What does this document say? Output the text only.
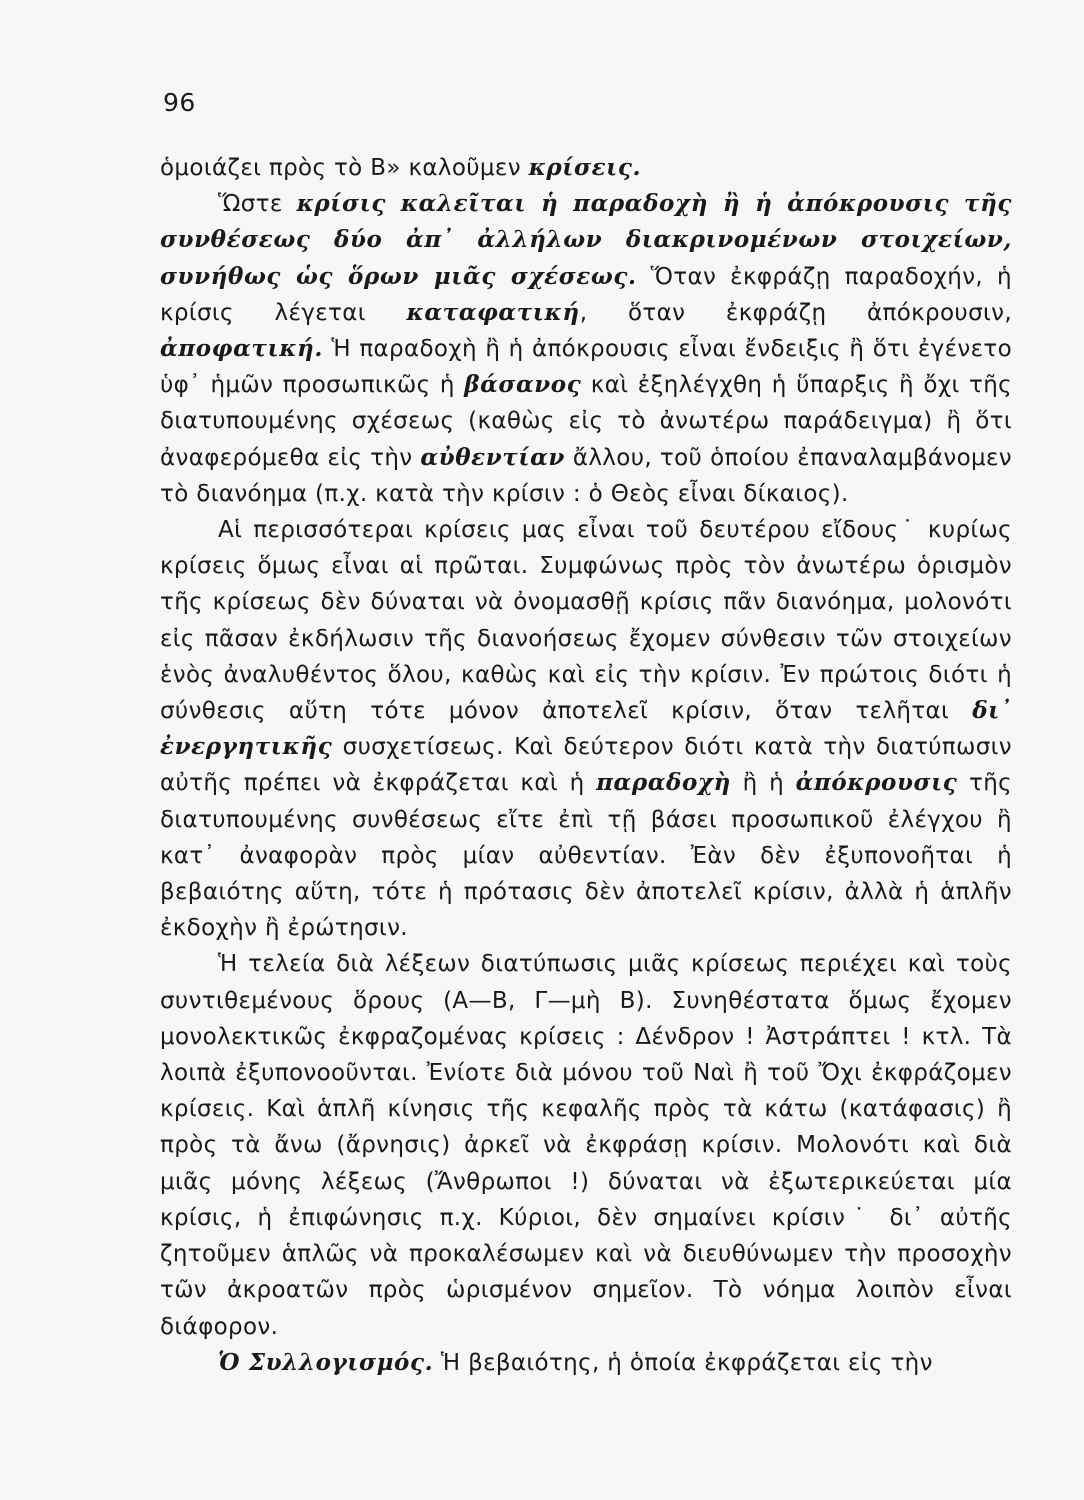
96

ὁμοιάζει πρὸς τὸ Β» καλοῦμεν κρίσεις.

Ὥστε κρίσις καλεῖται ἡ παραδοχὴ ἢ ἡ ἀπόκρουσις τῆς συνθέσεως δύο ἀπ᾽ ἀλλήλων διακρινομένων στοιχείων, συνήθως ὡς ὅρων μιᾶς σχέσεως. Ὅταν ἐκφράζῃ παραδοχήν, ἡ κρίσις λέγεται καταφατική, ὅταν ἐκφράζῃ ἀπόκρουσιν, ἀποφατική. Ἡ παραδοχὴ ἢ ἡ ἀπόκρουσις εἶναι ἔνδειξις ἢ ὅτι ἐγένετο ὑφ᾽ ἡμῶν προσωπικῶς ἡ βάσανος καὶ ἐξηλέγχθη ἡ ὕπαρξις ἢ ὄχι τῆς διατυπουμένης σχέσεως (καθὼς εἰς τὸ ἀνωτέρω παράδειγμα) ἢ ὅτι ἀναφερόμεθα εἰς τὴν αὐθεντίαν ἄλλου, τοῦ ὁποίου ἐπαναλαμβάνομεν τὸ διανόημα (π.χ. κατὰ τὴν κρίσιν : ὁ Θεὸς εἶναι δίκαιος).

Αἱ περισσότεραι κρίσεις μας εἶναι τοῦ δευτέρου εἴδους˙ κυρίως κρίσεις ὅμως εἶναι αἱ πρῶται. Συμφώνως πρὸς τὸν ἀνωτέρω ὁρισμὸν τῆς κρίσεως δὲν δύναται νὰ ὀνομασθῇ κρίσις πᾶν διανόημα, μολονότι εἰς πᾶσαν ἐκδήλωσιν τῆς διανοήσεως ἔχομεν σύνθεσιν τῶν στοιχείων ἑνὸς ἀναλυθέντος ὅλου, καθὼς καὶ εἰς τὴν κρίσιν. Ἐν πρώτοις διότι ἡ σύνθεσις αὕτη τότε μόνον ἀποτελεῖ κρίσιν, ὅταν τελῆται δι᾽ ἐνεργητικῆς συσχετίσεως. Καὶ δεύτερον διότι κατὰ τὴν διατύπωσιν αὐτῆς πρέπει νὰ ἐκφράζεται καὶ ἡ παραδοχὴ ἢ ἡ ἀπόκρουσις τῆς διατυπουμένης συνθέσεως εἴτε ἐπὶ τῇ βάσει προσωπικοῦ ἐλέγχου ἢ κατ᾽ ἀναφορὰν πρὸς μίαν αὐθεντίαν. Ἐὰν δὲν ἐξυπονοῆται ἡ βεβαιότης αὕτη, τότε ἡ πρότασις δὲν ἀποτελεῖ κρίσιν, ἀλλὰ ἡ ἁπλῆν ἐκδοχὴν ἢ ἐρώτησιν.

Ἡ τελεία διὰ λέξεων διατύπωσις μιᾶς κρίσεως περιέχει καὶ τοὺς συντιθεμένους ὅρους (Α—Β, Γ—μὴ Β). Συνηθέστατα ὅμως ἔχομεν μονολεκτικῶς ἐκφραζομένας κρίσεις : Δένδρον ! Ἀστράπτει ! κτλ. Τὰ λοιπὰ ἐξυπονοοῦνται. Ἐνίοτε διὰ μόνου τοῦ Ναὶ ἢ τοῦ Ὄχι ἐκφράζομεν κρίσεις. Καὶ ἁπλῆ κίνησις τῆς κεφαλῆς πρὸς τὰ κάτω (κατάφασις) ἢ πρὸς τὰ ἄνω (ἄρνησις) ἀρκεῖ νὰ ἐκφράσῃ κρίσιν. Μολονότι καὶ διὰ μιᾶς μόνης λέξεως (Ἄνθρωποι !) δύναται νὰ ἐξωτερικεύεται μία κρίσις, ἡ ἐπιφώνησις π.χ. Κύριοι, δὲν σημαίνει κρίσιν˙ δι᾽ αὐτῆς ζητοῦμεν ἁπλῶς νὰ προκαλέσωμεν καὶ νὰ διευθύνωμεν τὴν προσοχὴν τῶν ἀκροατῶν πρὸς ὡρισμένον σημεῖον. Τὸ νόημα λοιπὸν εἶναι διάφορον.

Ὁ Συλλογισμός. Ἡ βεβαιότης, ἡ ὁποία ἐκφράζεται εἰς τὴν
